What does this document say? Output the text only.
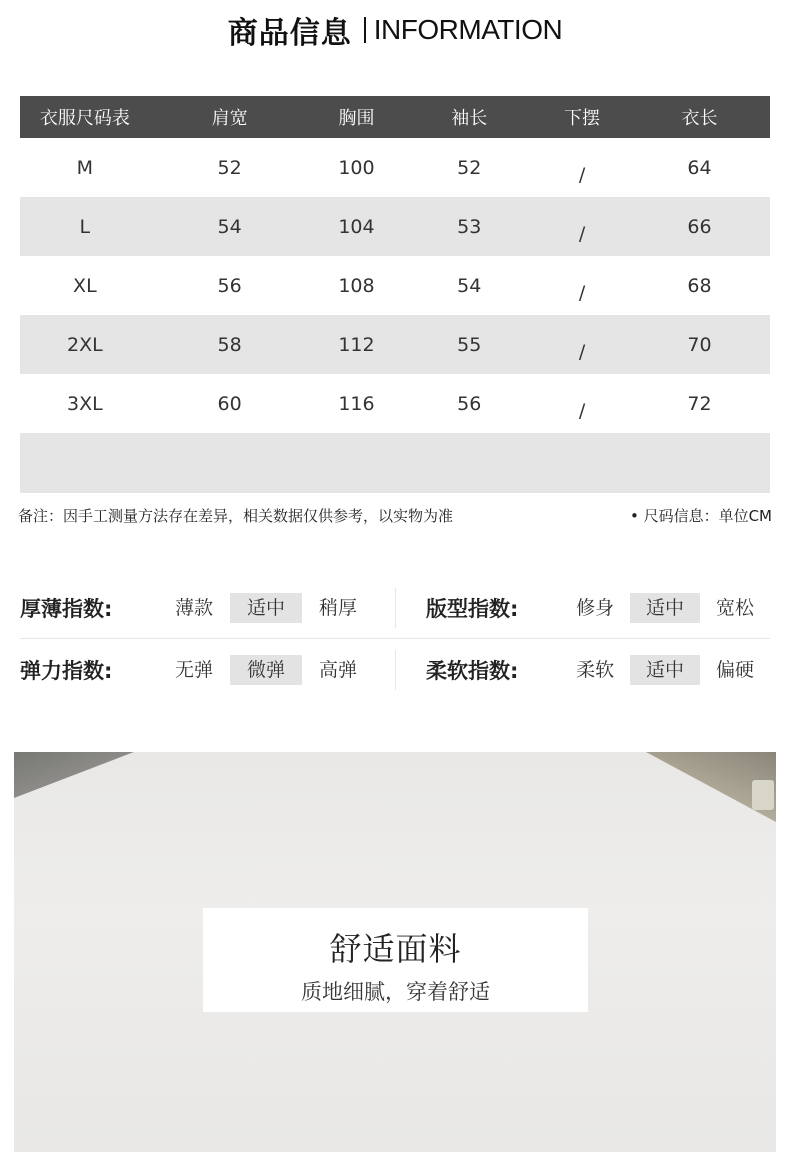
商品信息 INFORMATION
衣服尺码表	肩宽	胸围	袖长	下摆	衣长
M	52	100	52	/	64
L	54	104	53	/	66
XL	56	108	54	/	68
2XL	58	112	55	/	70
3XL	60	116	56	/	72
备注：因手工测量方法存在差异，相关数据仅供参考，以实物为准
•	尺码信息：单位CM
厚薄指数:	薄款	适中	稍厚	版型指数:	修身	适中	宽松
弹力指数:	无弹	微弹	高弹	柔软指数:	柔软	适中	偏硬
舒适面料
质地细腻，穿着舒适
